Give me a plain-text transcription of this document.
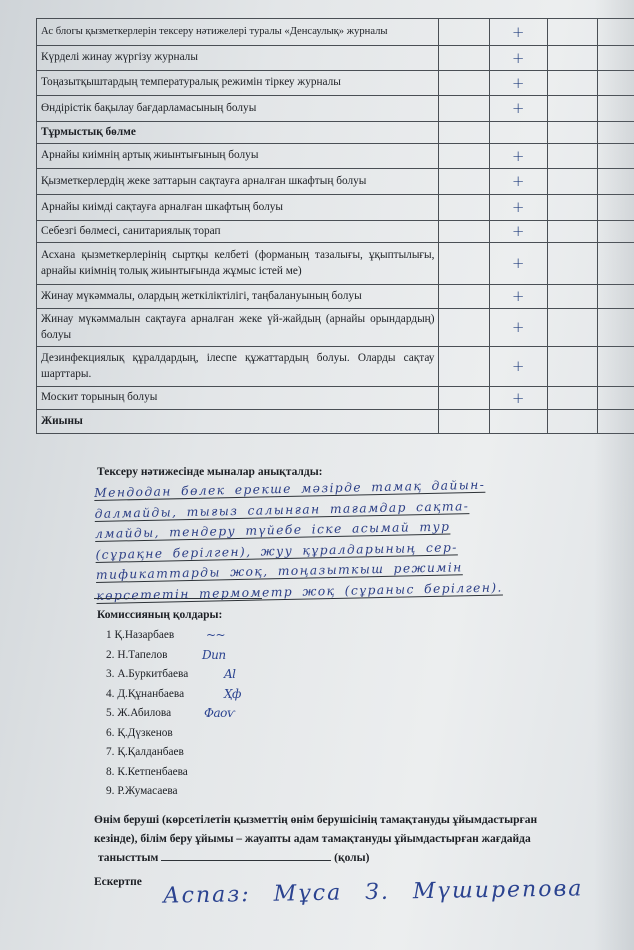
Ас блогы қызметкерлерін тексеру нәтижелері туралы «Денсаулық» журналы		+		
Күрделі жинау жүргізу журналы		+		
Тоңазытқыштардың температуралық режимін тіркеу журналы		+		
Өндірістік бақылау бағдарламасының болуы		+		
Тұрмыстық бөлме				
Арнайы киімнің артық жиынтығының болуы		+		
Қызметкерлердің жеке заттарын сақтауға арналған шкафтың болуы		+		
Арнайы киімді сақтауға арналған шкафтың болуы		+		
Себезгі бөлмесі, санитариялық торап		+		
Асхана қызметкерлерінің сыртқы келбеті (форманың тазалығы, ұқыптылығы, арнайы киімнің толық жиынтығында жұмыс істей ме)		+		
Жинау мүкәммалы, олардың жеткіліктілігі, таңбалануының болуы		+		
Жинау мүкәммалын сақтауға арналған жеке үй-жайдың (арнайы орындардың) болуы		+		
Дезинфекциялық құралдардың, ілеспе құжаттардың болуы. Оларды сақтау шарттары.		+		
Москит торының болуы		+		
Жиыны				
Тексеру нәтижесінде мыналар анықталды:
Мендодан бөлек ерекше мәзірде тамақ дайын-
далмайды, тығыз салынған тағамдар сақта-
лмайды, тендеру түйебе іске асымай тур
(сұрақне берілген), жуу құралдарының сер-
тификаттарды жоқ, тоңазыткыш режимін
көрсететін термометр жоқ (сұраныс берілген).
Комиссияның қолдары:
1 Қ.Назарбаев	~~
2. Н.Тапелов	Dип
3. А.Буркитбаева	Al
4. Д.Құнанбаева	Ҳф
5. Ж.Абилова	Фаоѵ
6. Қ.Дүзкенов
7. Қ.Қалданбаев
8. К.Кетпенбаева
9. Р.Жумасаева
Өнім беруші (көрсетілетін қызметтің өнім берушісінің тамақтануды ұйымдастырған
кезінде), білім беру ұйымы – жауапты адам тамақтануды ұйымдастырған жағдайда
танысттым	(қолы)
Ескертпе Аспаз: Мұса З. Мүширепова
